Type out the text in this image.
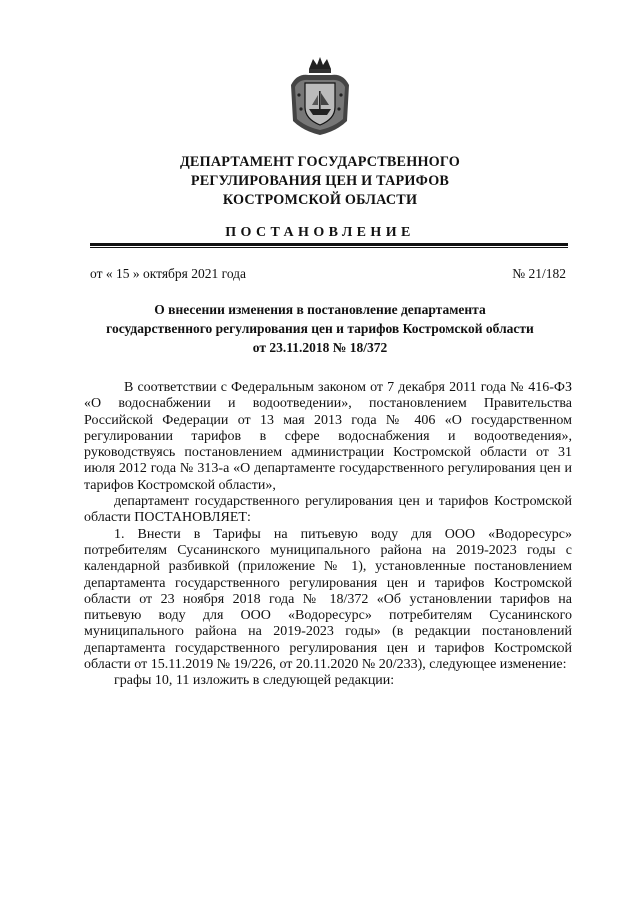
ДЕПАРТАМЕНТ ГОСУДАРСТВЕННОГО
РЕГУЛИРОВАНИЯ ЦЕН И ТАРИФОВ
КОСТРОМСКОЙ ОБЛАСТИ
ПОСТАНОВЛЕНИЕ
от « 15 » октября 2021 года	№ 21/182
О внесении изменения в постановление департамента
государственного регулирования цен и тарифов Костромской области
от 23.11.2018 № 18/372

В соответствии с Федеральным законом от 7 декабря 2011 года № 416-ФЗ «О водоснабжении и водоотведении», постановлением Правительства Российской Федерации от 13 мая 2013 года № 406 «О государственном регулировании тарифов в сфере водоснабжения и водоотведения», руководствуясь постановлением администрации Костромской области от 31 июля 2012 года № 313-а «О департаменте государственного регулирования цен и тарифов Костромской области»,

департамент государственного регулирования цен и тарифов Костромской области ПОСТАНОВЛЯЕТ:

1. Внести в Тарифы на питьевую воду для ООО «Водоресурс» потребителям Сусанинского муниципального района на 2019-2023 годы с календарной разбивкой (приложение № 1), установленные постановлением департамента государственного регулирования цен и тарифов Костромской области от 23 ноября 2018 года № 18/372 «Об установлении тарифов на питьевую воду для ООО «Водоресурс» потребителям Сусанинского муниципального района на 2019-2023 годы» (в редакции постановлений департамента государственного регулирования цен и тарифов Костромской области от 15.11.2019 № 19/226, от 20.11.2020 № 20/233), следующее изменение:

графы 10, 11 изложить в следующей редакции:
